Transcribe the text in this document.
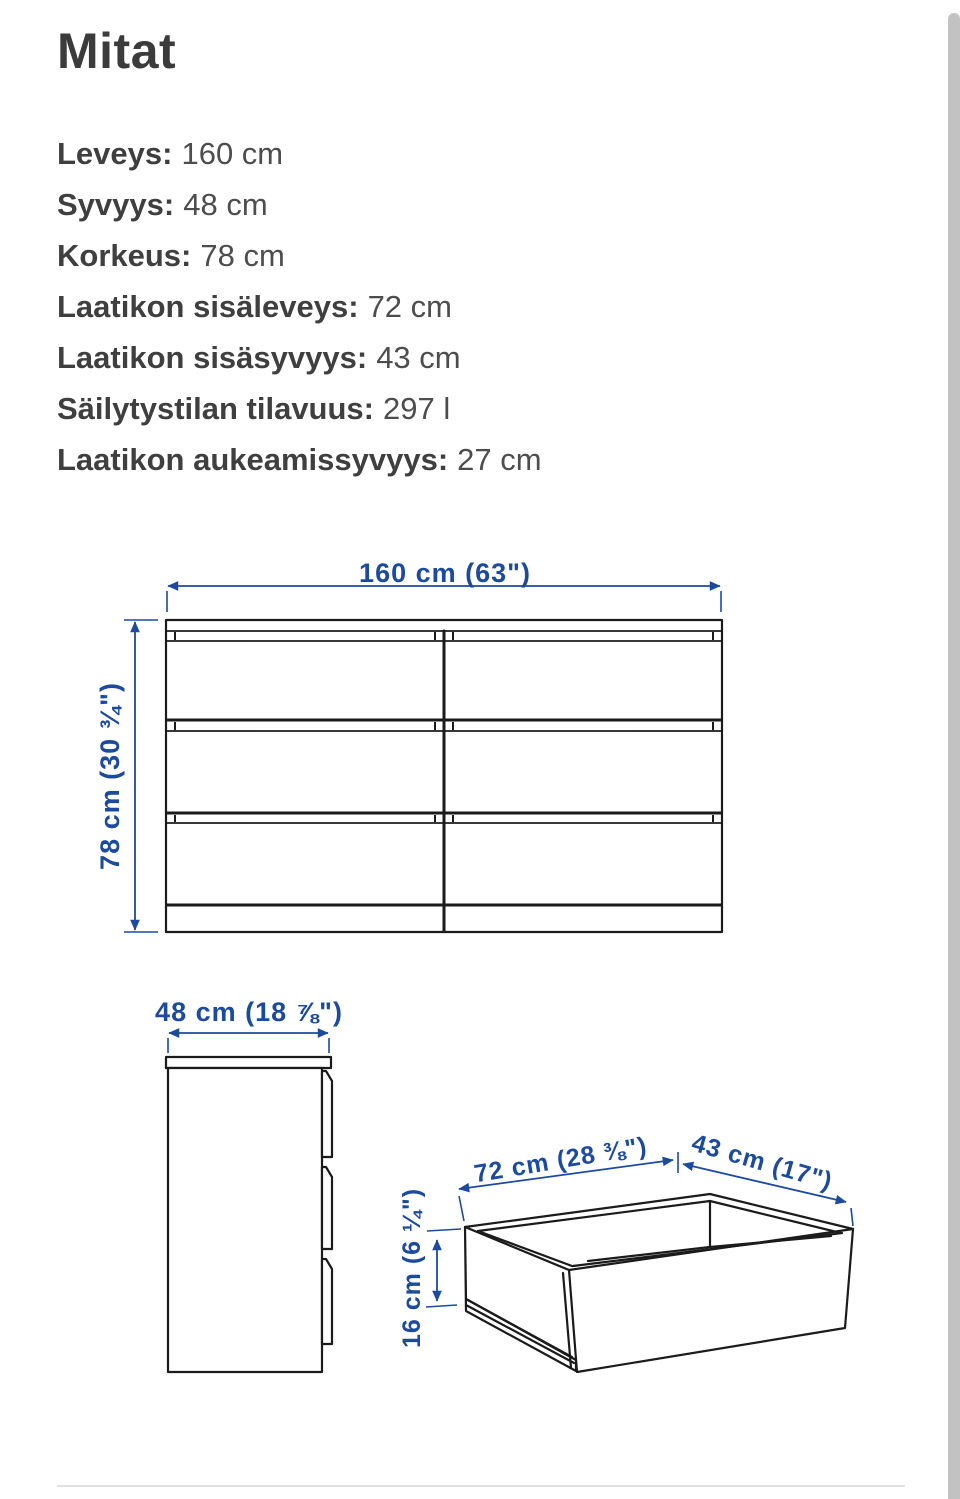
Mitat
Leveys: 160 cm
Syvyys: 48 cm
Korkeus: 78 cm
Laatikon sisäleveys: 72 cm
Laatikon sisäsyvyys: 43 cm
Säilytystilan tilavuus: 297 l
Laatikon aukeamissyvyys: 27 cm
160 cm (63")
78 cm (30 ¾")
48 cm (18 ⅞")
72 cm (28 ⅜") 43 cm (17")
16 cm (6 ¼")
